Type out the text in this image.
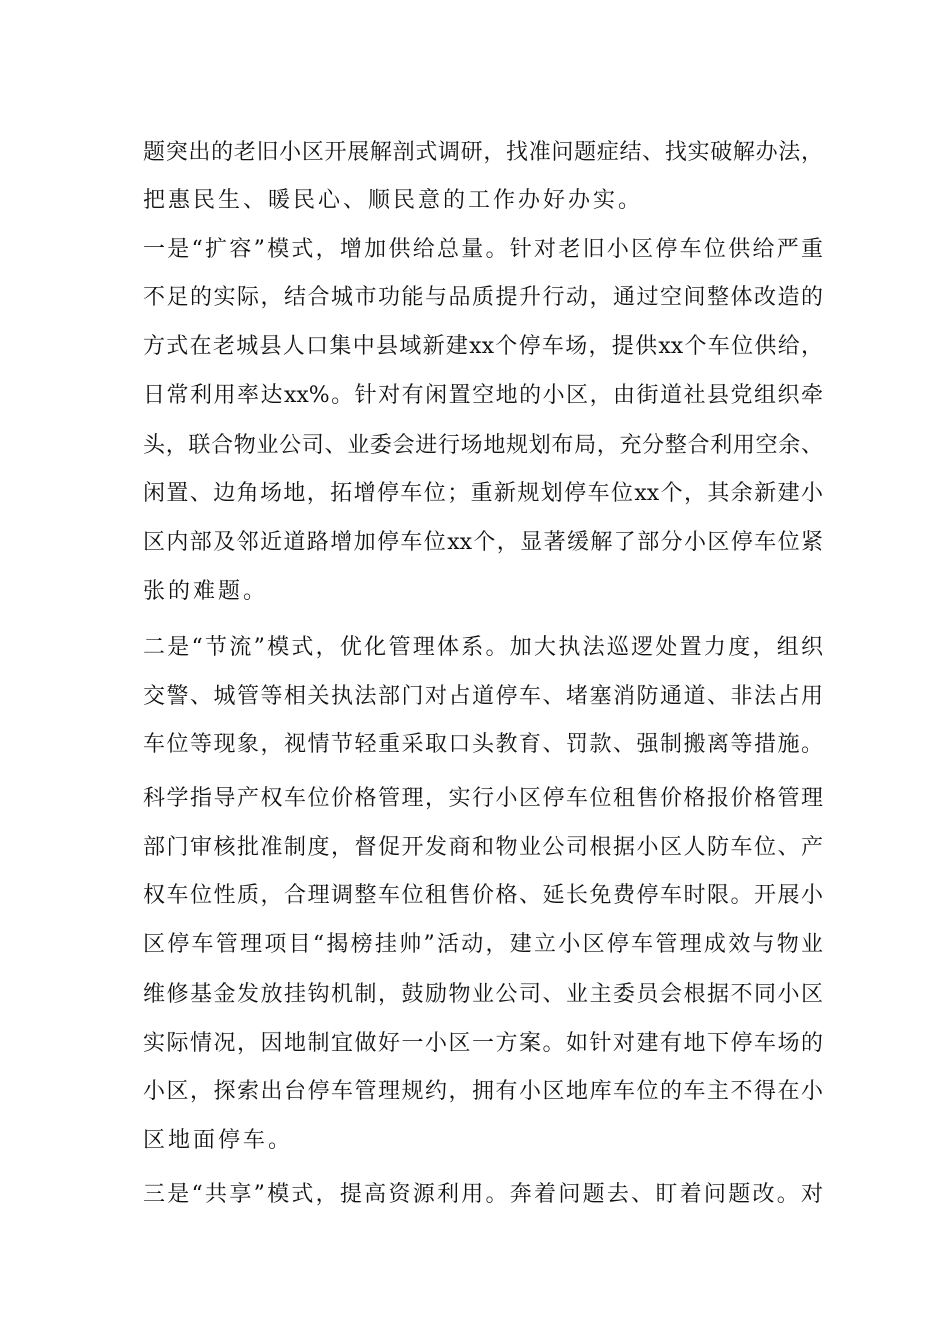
题突出的老旧小区开展解剖式调研，找准问题症结、找实破解办法，
把惠民生、暖民心、顺民意的工作办好办实。
一是“扩容”模式，增加供给总量。针对老旧小区停车位供给严重
不足的实际，结合城市功能与品质提升行动，通过空间整体改造的
方式在老城县人口集中县域新建xx个停车场，提供xx个车位供给，
日常利用率达xx%。针对有闲置空地的小区，由街道社县党组织牵
头，联合物业公司、业委会进行场地规划布局，充分整合利用空余、
闲置、边角场地，拓增停车位；重新规划停车位xx个，其余新建小
区内部及邻近道路增加停车位xx个，显著缓解了部分小区停车位紧
张的难题。
二是“节流”模式，优化管理体系。加大执法巡逻处置力度，组织
交警、城管等相关执法部门对占道停车、堵塞消防通道、非法占用
车位等现象，视情节轻重采取口头教育、罚款、强制搬离等措施。
科学指导产权车位价格管理，实行小区停车位租售价格报价格管理
部门审核批准制度，督促开发商和物业公司根据小区人防车位、产
权车位性质，合理调整车位租售价格、延长免费停车时限。开展小
区停车管理项目“揭榜挂帅”活动，建立小区停车管理成效与物业
维修基金发放挂钩机制，鼓励物业公司、业主委员会根据不同小区
实际情况，因地制宜做好一小区一方案。如针对建有地下停车场的
小区，探索出台停车管理规约，拥有小区地库车位的车主不得在小
区地面停车。
三是“共享”模式，提高资源利用。奔着问题去、盯着问题改。对
